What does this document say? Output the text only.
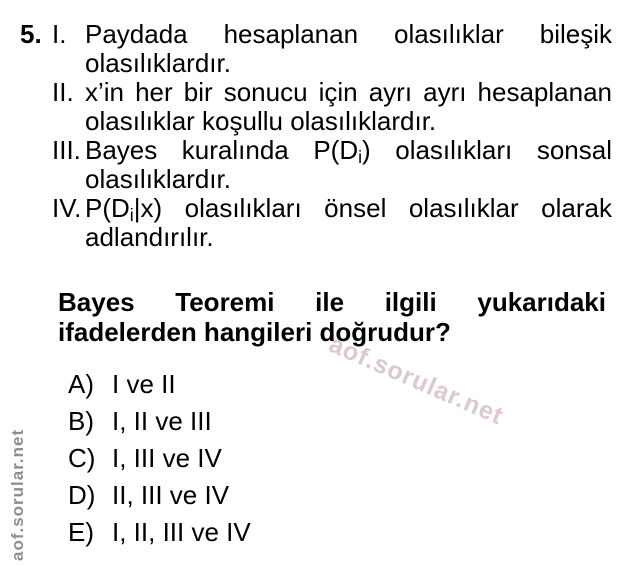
aof.sorular.net
aof.sorular.net
5. I. Paydada hesaplanan olasılıklar bileşik olasılıklardır.
II. x’in her bir sonucu için ayrı ayrı hesaplanan olasılıklar koşullu olasılıklardır.
III. Bayes kuralında $P(D_i)$ olasılıkları sonsal olasılıklardır.
IV. $P(D_i|x)$ olasılıkları önsel olasılıklar olarak adlandırılır.
Bayes Teoremi ile ilgili yukarıdaki ifadelerden hangileri doğrudur?
A) I ve II
B) I, II ve III
C) I, III ve IV
D) II, III ve IV
E) I, II, III ve IV
